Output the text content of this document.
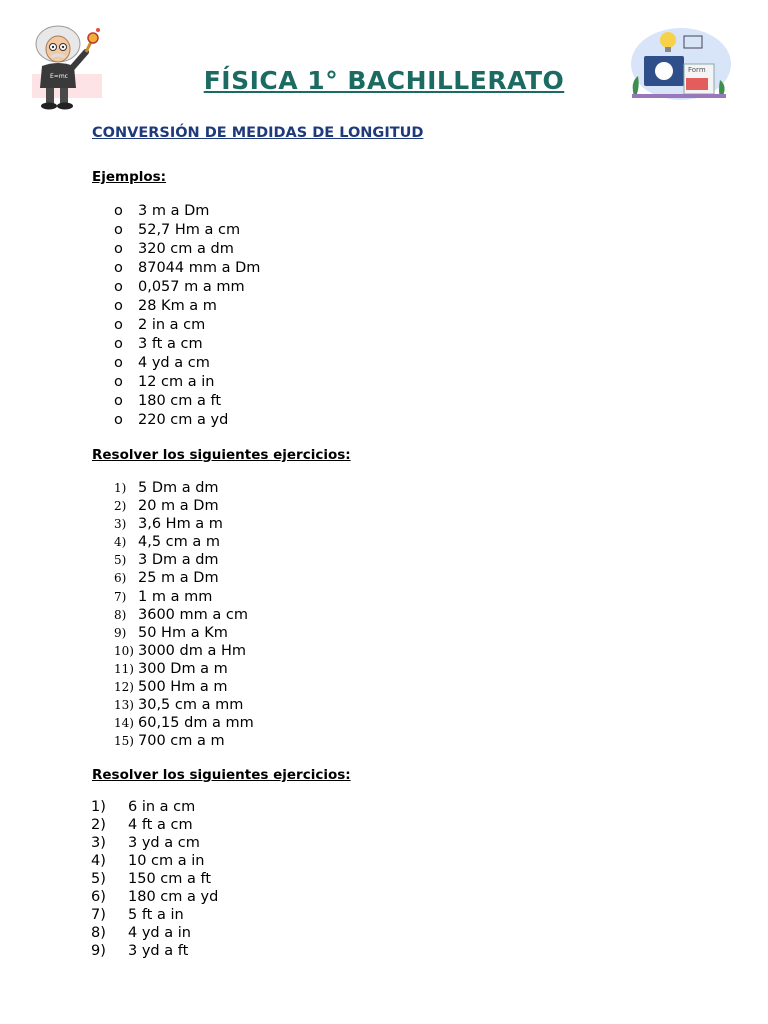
E=mc
Form
FÍSICA 1° BACHILLERATO
CONVERSIÓN DE MEDIDAS DE LONGITUD
Ejemplos:
o 3 m a Dm
o 52,7 Hm a cm
o 320 cm a dm
o 87044 mm a Dm
o 0,057 m a mm
o 28 Km a m
o 2 in a cm
o 3 ft a cm
o 4 yd a cm
o 12 cm a in
o 180 cm a ft
o 220 cm a yd
Resolver los siguientes ejercicios:
1) 5 Dm a dm
2) 20 m a Dm
3) 3,6 Hm a m
4) 4,5 cm a m
5) 3 Dm a dm
6) 25 m a Dm
7) 1 m a mm
8) 3600 mm a cm
9) 50 Hm a Km
10) 3000 dm a Hm
11) 300 Dm a m
12) 500 Hm a m
13) 30,5 cm a mm
14) 60,15 dm a mm
15) 700 cm a m
Resolver los siguientes ejercicios:
1) 6 in a cm
2) 4 ft a cm
3) 3 yd a cm
4) 10 cm a in
5) 150 cm a ft
6) 180 cm a yd
7) 5 ft a in
8) 4 yd a in
9) 3 yd a ft
